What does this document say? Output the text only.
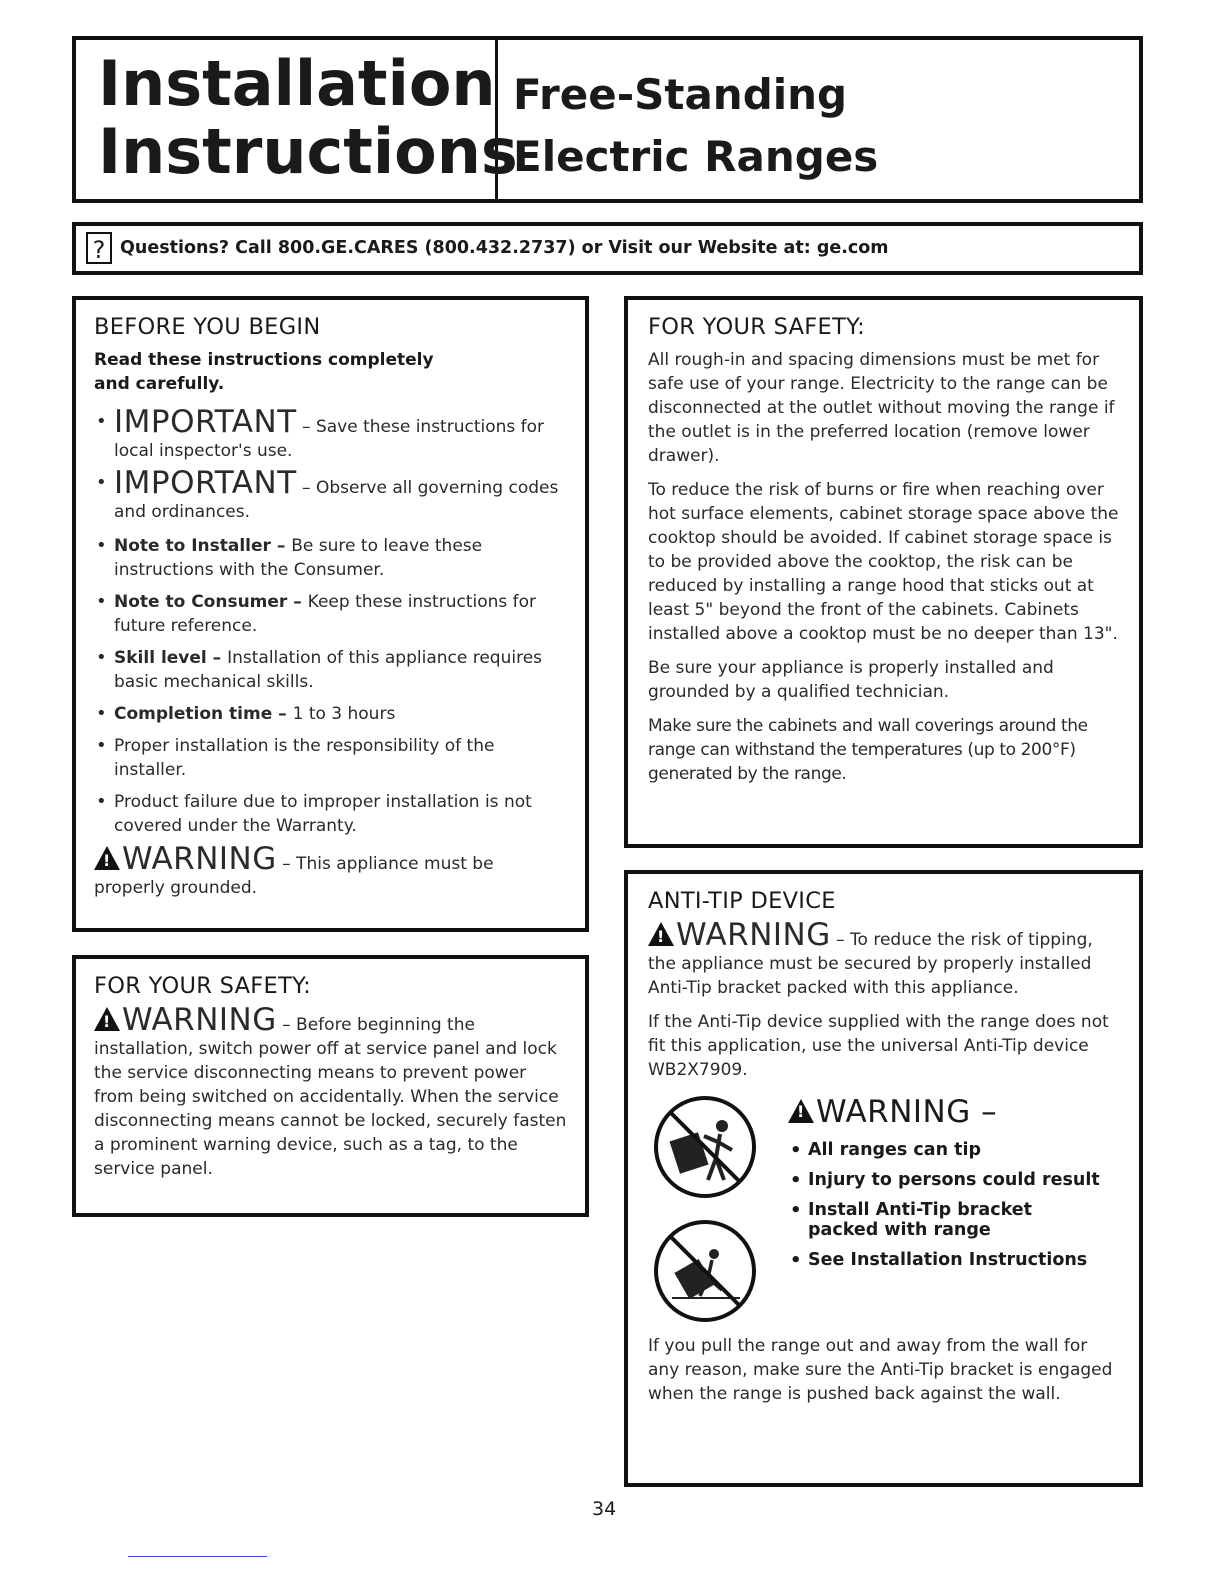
Installation
Instructions
Free-Standing
Electric Ranges
? Questions? Call 800.GE.CARES (800.432.2737) or Visit our Website at: ge.com
BEFORE YOU BEGIN
Read these instructions completely and carefully.
• IMPORTANT – Save these instructions for local inspector's use.
• IMPORTANT – Observe all governing codes and ordinances.
• Note to Installer – Be sure to leave these instructions with the Consumer.
• Note to Consumer – Keep these instructions for future reference.
• Skill level – Installation of this appliance requires basic mechanical skills.
• Completion time – 1 to 3 hours
• Proper installation is the responsibility of the installer.
• Product failure due to improper installation is not covered under the Warranty.
!WARNING – This appliance must be properly grounded.
FOR YOUR SAFETY:
!WARNING – Before beginning the installation, switch power off at service panel and lock the service disconnecting means to prevent power from being switched on accidentally. When the service disconnecting means cannot be locked, securely fasten a prominent warning device, such as a tag, to the service panel.
FOR YOUR SAFETY:

All rough-in and spacing dimensions must be met for safe use of your range. Electricity to the range can be disconnected at the outlet without moving the range if the outlet is in the preferred location (remove lower drawer).

To reduce the risk of burns or fire when reaching over hot surface elements, cabinet storage space above the cooktop should be avoided. If cabinet storage space is to be provided above the cooktop, the risk can be reduced by installing a range hood that sticks out at least 5" beyond the front of the cabinets. Cabinets installed above a cooktop must be no deeper than 13".

Be sure your appliance is properly installed and grounded by a qualified technician.

Make sure the cabinets and wall coverings around the range can withstand the temperatures (up to 200°F) generated by the range.

ANTI-TIP DEVICE

!WARNING – To reduce the risk of tipping, the appliance must be secured by properly installed Anti-Tip bracket packed with this appliance.

If the Anti-Tip device supplied with the range does not fit this application, use the universal Anti-Tip device WB2X7909.

!WARNING –
• All ranges can tip
• Injury to persons could result
• Install Anti-Tip bracket packed with range
• See Installation Instructions

If you pull the range out and away from the wall for any reason, make sure the Anti-Tip bracket is engaged when the range is pushed back against the wall.

34
